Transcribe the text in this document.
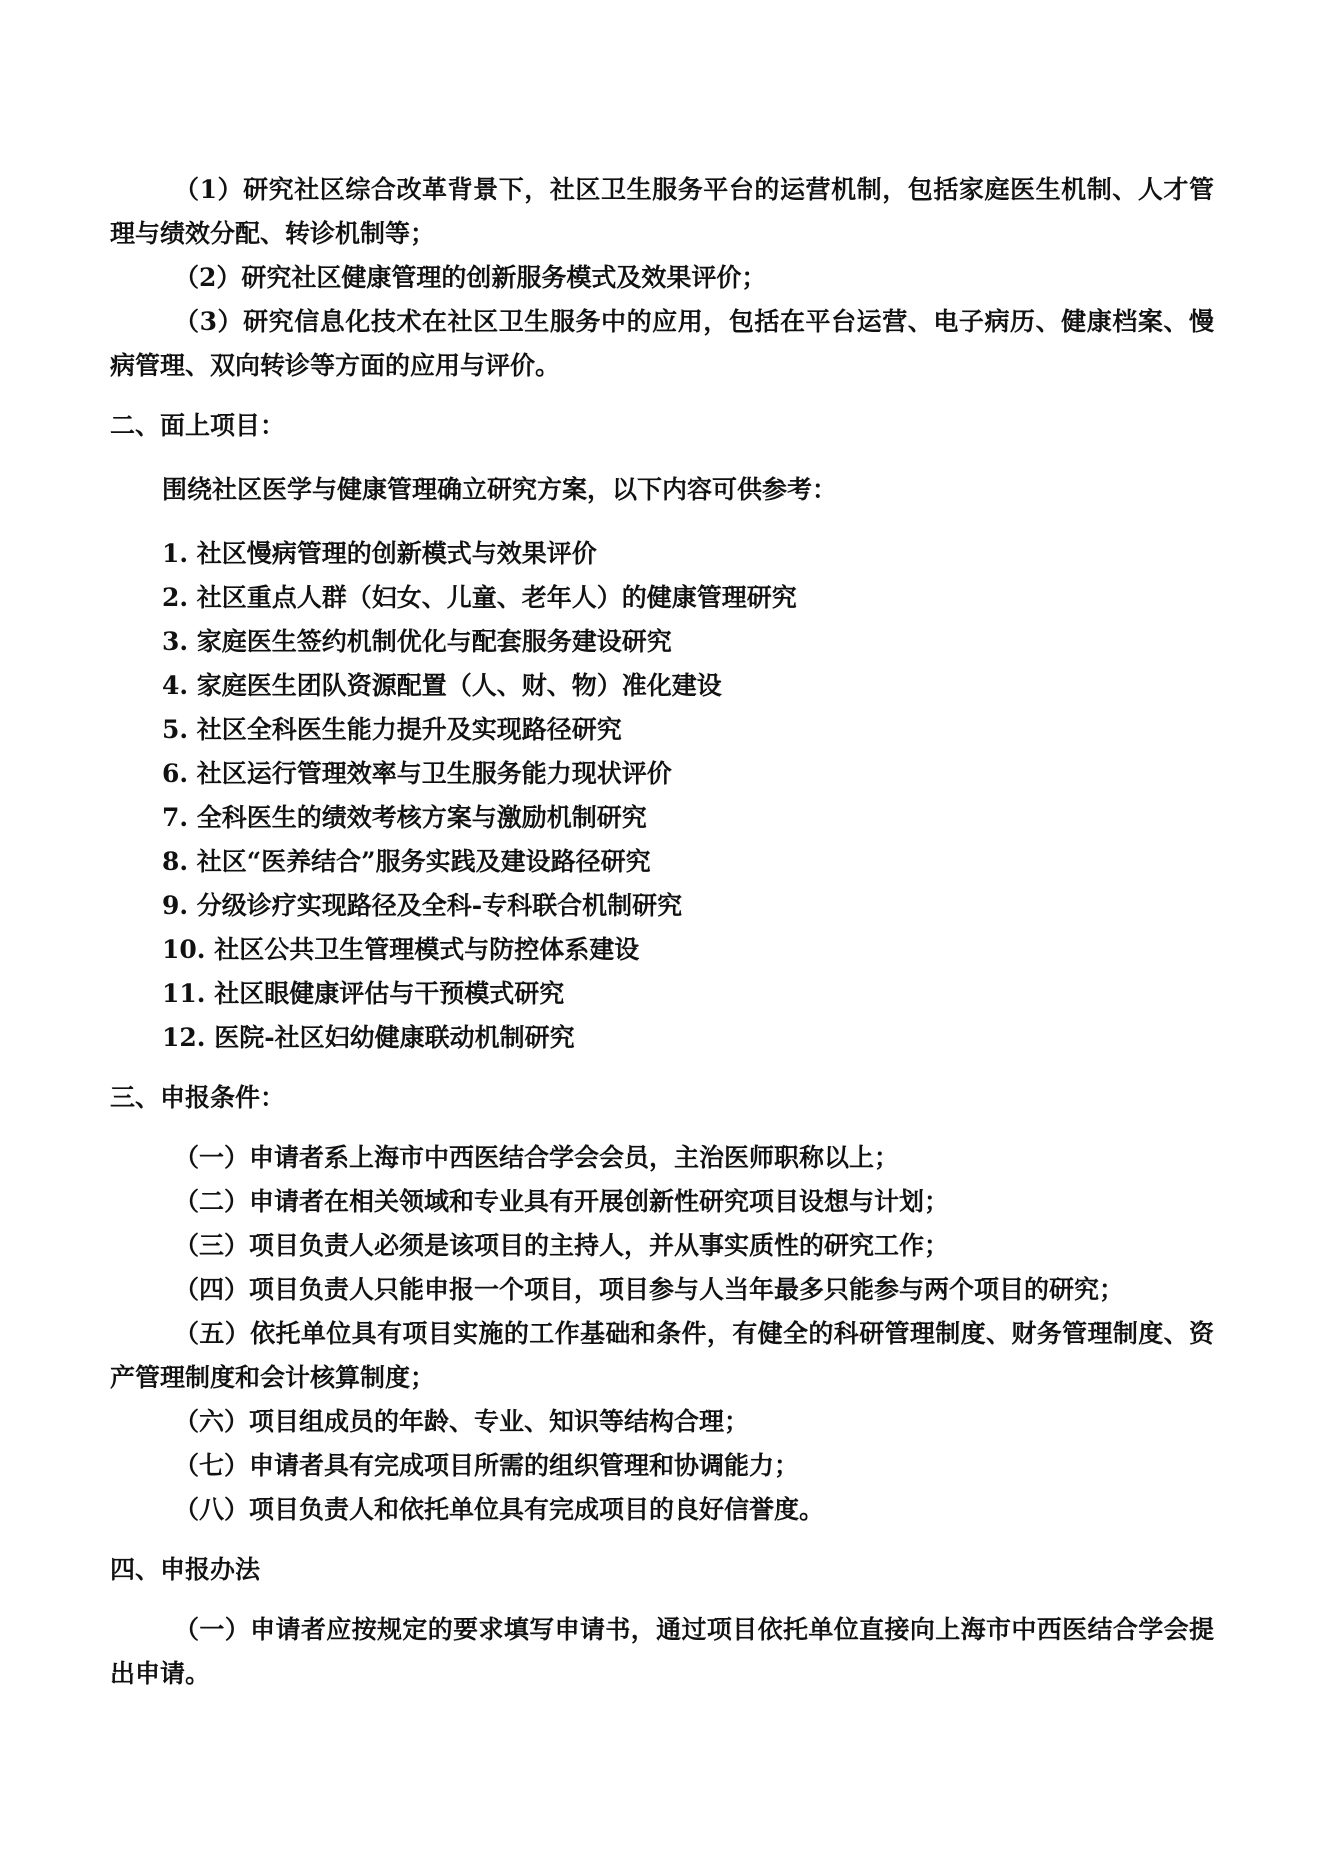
（1）研究社区综合改革背景下，社区卫生服务平台的运营机制，包括家庭医生机制、人才管理与绩效分配、转诊机制等；

（2）研究社区健康管理的创新服务模式及效果评价；

（3）研究信息化技术在社区卫生服务中的应用，包括在平台运营、电子病历、健康档案、慢病管理、双向转诊等方面的应用与评价。

二、面上项目：

围绕社区医学与健康管理确立研究方案，以下内容可供参考：

1. 社区慢病管理的创新模式与效果评价
2. 社区重点人群（妇女、儿童、老年人）的健康管理研究
3. 家庭医生签约机制优化与配套服务建设研究
4. 家庭医生团队资源配置（人、财、物）准化建设
5. 社区全科医生能力提升及实现路径研究
6. 社区运行管理效率与卫生服务能力现状评价
7. 全科医生的绩效考核方案与激励机制研究
8. 社区“医养结合”服务实践及建设路径研究
9. 分级诊疗实现路径及全科-专科联合机制研究
10. 社区公共卫生管理模式与防控体系建设
11. 社区眼健康评估与干预模式研究
12. 医院-社区妇幼健康联动机制研究

三、申报条件：

（一）申请者系上海市中西医结合学会会员，主治医师职称以上；

（二）申请者在相关领域和专业具有开展创新性研究项目设想与计划；

（三）项目负责人必须是该项目的主持人，并从事实质性的研究工作；

（四）项目负责人只能申报一个项目，项目参与人当年最多只能参与两个项目的研究；

（五）依托单位具有项目实施的工作基础和条件，有健全的科研管理制度、财务管理制度、资产管理制度和会计核算制度；

（六）项目组成员的年龄、专业、知识等结构合理；

（七）申请者具有完成项目所需的组织管理和协调能力；

（八）项目负责人和依托单位具有完成项目的良好信誉度。

四、申报办法

（一）申请者应按规定的要求填写申请书，通过项目依托单位直接向上海市中西医结合学会提出申请。
